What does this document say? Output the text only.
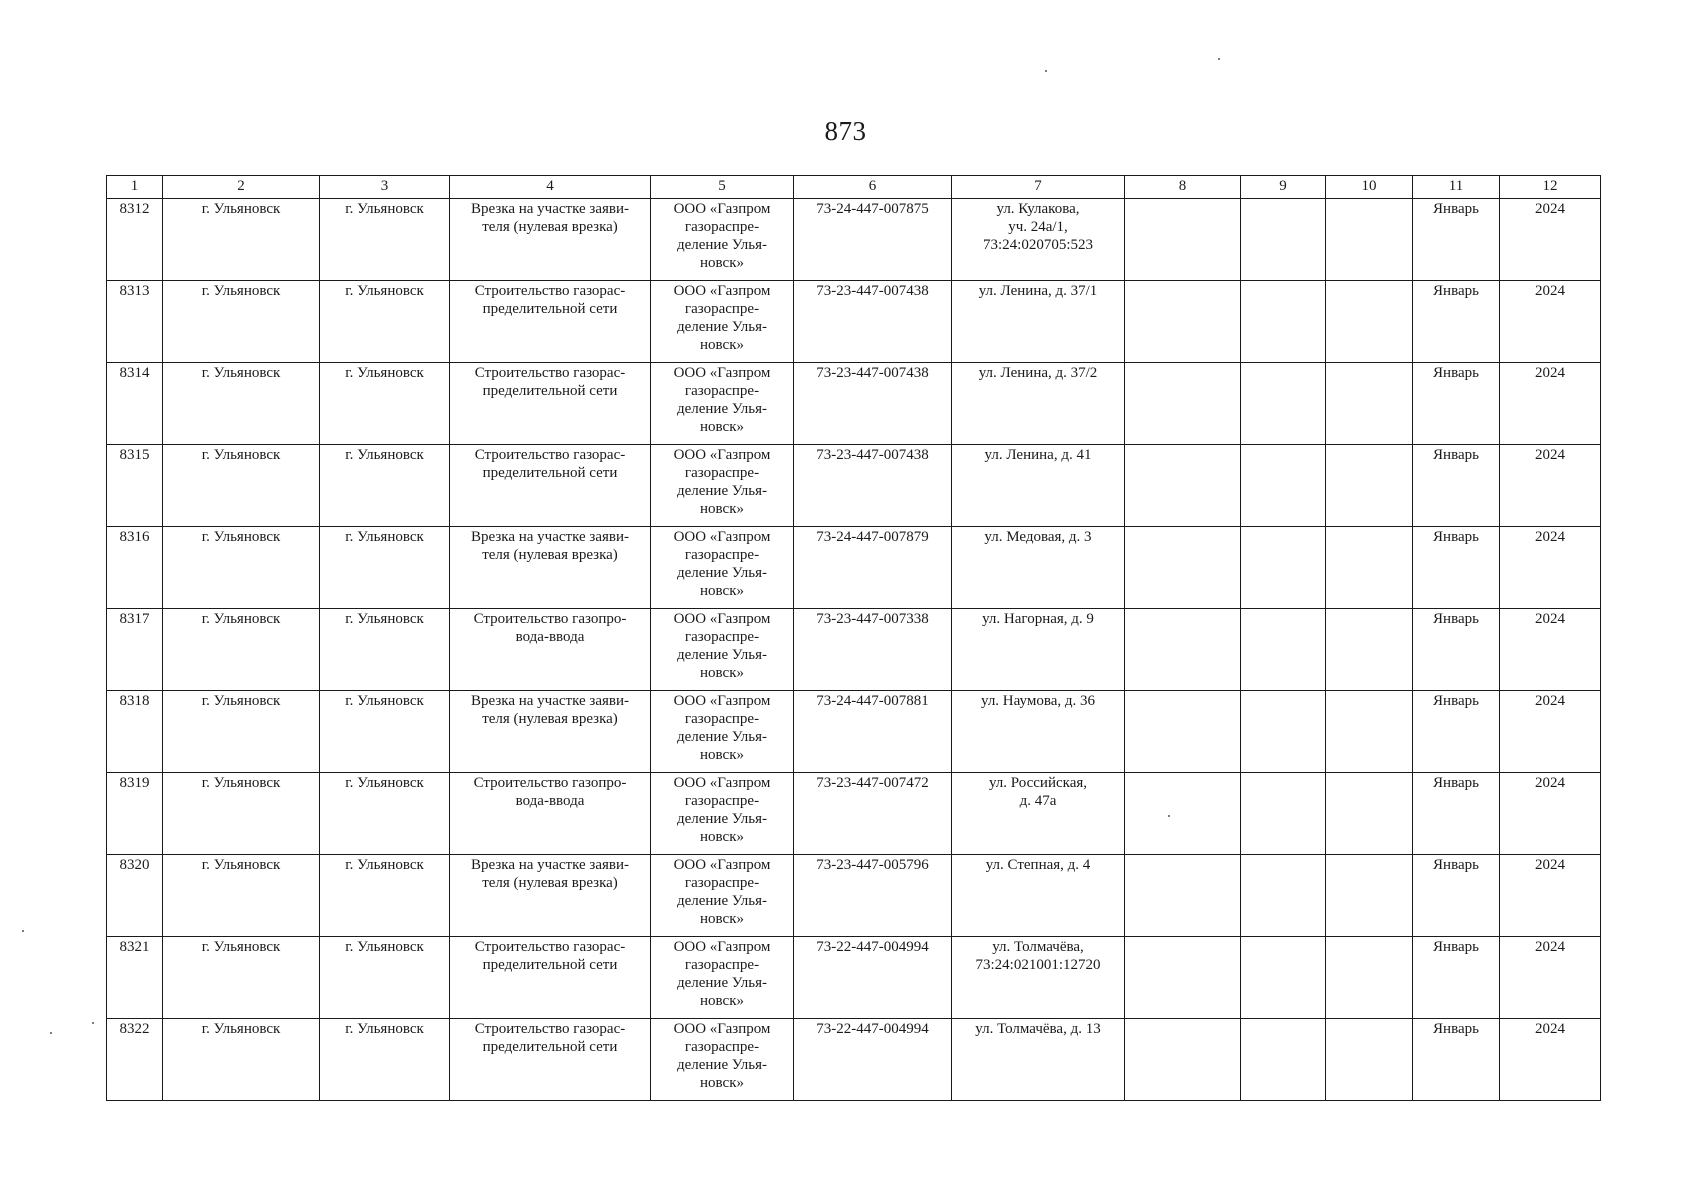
873
1	2	3	4	5	6	7	8	9	10	11	12
8312	г. Ульяновск	г. Ульяновск	Врезка на участке заяви-
теля (нулевая врезка)	ООО «Газпром
газораспре-
деление Улья-
новск»	73-24-447-007875	ул. Кулакова,
уч. 24а/1,
73:24:020705:523				Январь	2024
8313	г. Ульяновск	г. Ульяновск	Строительство газорас-
пределительной сети	ООО «Газпром
газораспре-
деление Улья-
новск»	73-23-447-007438	ул. Ленина, д. 37/1				Январь	2024
8314	г. Ульяновск	г. Ульяновск	Строительство газорас-
пределительной сети	ООО «Газпром
газораспре-
деление Улья-
новск»	73-23-447-007438	ул. Ленина, д. 37/2				Январь	2024
8315	г. Ульяновск	г. Ульяновск	Строительство газорас-
пределительной сети	ООО «Газпром
газораспре-
деление Улья-
новск»	73-23-447-007438	ул. Ленина, д. 41				Январь	2024
8316	г. Ульяновск	г. Ульяновск	Врезка на участке заяви-
теля (нулевая врезка)	ООО «Газпром
газораспре-
деление Улья-
новск»	73-24-447-007879	ул. Медовая, д. 3				Январь	2024
8317	г. Ульяновск	г. Ульяновск	Строительство газопро-
вода-ввода	ООО «Газпром
газораспре-
деление Улья-
новск»	73-23-447-007338	ул. Нагорная, д. 9				Январь	2024
8318	г. Ульяновск	г. Ульяновск	Врезка на участке заяви-
теля (нулевая врезка)	ООО «Газпром
газораспре-
деление Улья-
новск»	73-24-447-007881	ул. Наумова, д. 36				Январь	2024
8319	г. Ульяновск	г. Ульяновск	Строительство газопро-
вода-ввода	ООО «Газпром
газораспре-
деление Улья-
новск»	73-23-447-007472	ул. Российская,
д. 47а				Январь	2024
8320	г. Ульяновск	г. Ульяновск	Врезка на участке заяви-
теля (нулевая врезка)	ООО «Газпром
газораспре-
деление Улья-
новск»	73-23-447-005796	ул. Степная, д. 4				Январь	2024
8321	г. Ульяновск	г. Ульяновск	Строительство газорас-
пределительной сети	ООО «Газпром
газораспре-
деление Улья-
новск»	73-22-447-004994	ул. Толмачёва,
73:24:021001:12720				Январь	2024
8322	г. Ульяновск	г. Ульяновск	Строительство газорас-
пределительной сети	ООО «Газпром
газораспре-
деление Улья-
новск»	73-22-447-004994	ул. Толмачёва, д. 13				Январь	2024
